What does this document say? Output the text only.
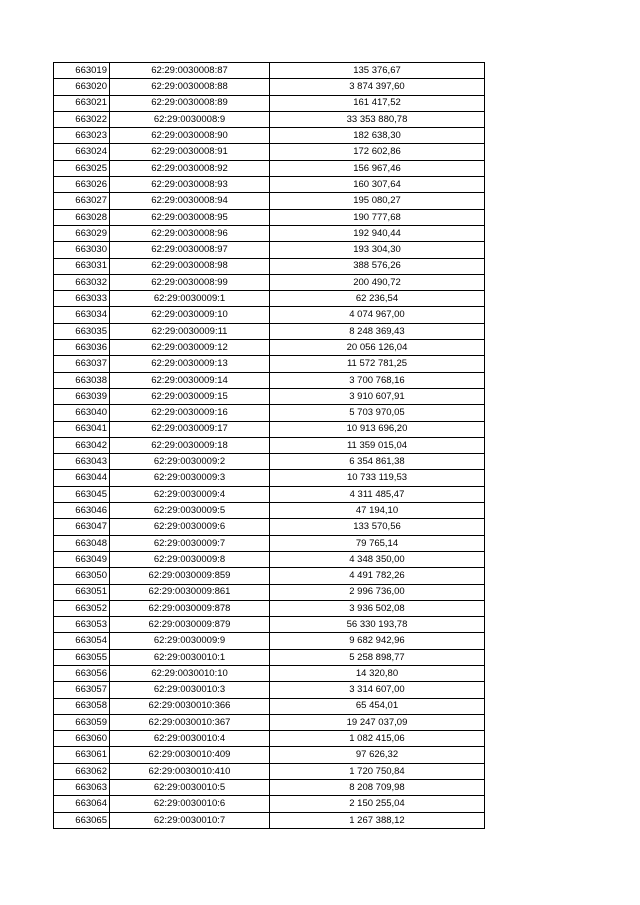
663019	62:29:0030008:87	135 376,67
663020	62:29:0030008:88	3 874 397,60
663021	62:29:0030008:89	161 417,52
663022	62:29:0030008:9	33 353 880,78
663023	62:29:0030008:90	182 638,30
663024	62:29:0030008:91	172 602,86
663025	62:29:0030008:92	156 967,46
663026	62:29:0030008:93	160 307,64
663027	62:29:0030008:94	195 080,27
663028	62:29:0030008:95	190 777,68
663029	62:29:0030008:96	192 940,44
663030	62:29:0030008:97	193 304,30
663031	62:29:0030008:98	388 576,26
663032	62:29:0030008:99	200 490,72
663033	62:29:0030009:1	62 236,54
663034	62:29:0030009:10	4 074 967,00
663035	62:29:0030009:11	8 248 369,43
663036	62:29:0030009:12	20 056 126,04
663037	62:29:0030009:13	11 572 781,25
663038	62:29:0030009:14	3 700 768,16
663039	62:29:0030009:15	3 910 607,91
663040	62:29:0030009:16	5 703 970,05
663041	62:29:0030009:17	10 913 696,20
663042	62:29:0030009:18	11 359 015,04
663043	62:29:0030009:2	6 354 861,38
663044	62:29:0030009:3	10 733 119,53
663045	62:29:0030009:4	4 311 485,47
663046	62:29:0030009:5	47 194,10
663047	62:29:0030009:6	133 570,56
663048	62:29:0030009:7	79 765,14
663049	62:29:0030009:8	4 348 350,00
663050	62:29:0030009:859	4 491 782,26
663051	62:29:0030009:861	2 996 736,00
663052	62:29:0030009:878	3 936 502,08
663053	62:29:0030009:879	56 330 193,78
663054	62:29:0030009:9	9 682 942,96
663055	62:29:0030010:1	5 258 898,77
663056	62:29:0030010:10	14 320,80
663057	62:29:0030010:3	3 314 607,00
663058	62:29:0030010:366	65 454,01
663059	62:29:0030010:367	19 247 037,09
663060	62:29:0030010:4	1 082 415,06
663061	62:29:0030010:409	97 626,32
663062	62:29:0030010:410	1 720 750,84
663063	62:29:0030010:5	8 208 709,98
663064	62:29:0030010:6	2 150 255,04
663065	62:29:0030010:7	1 267 388,12
